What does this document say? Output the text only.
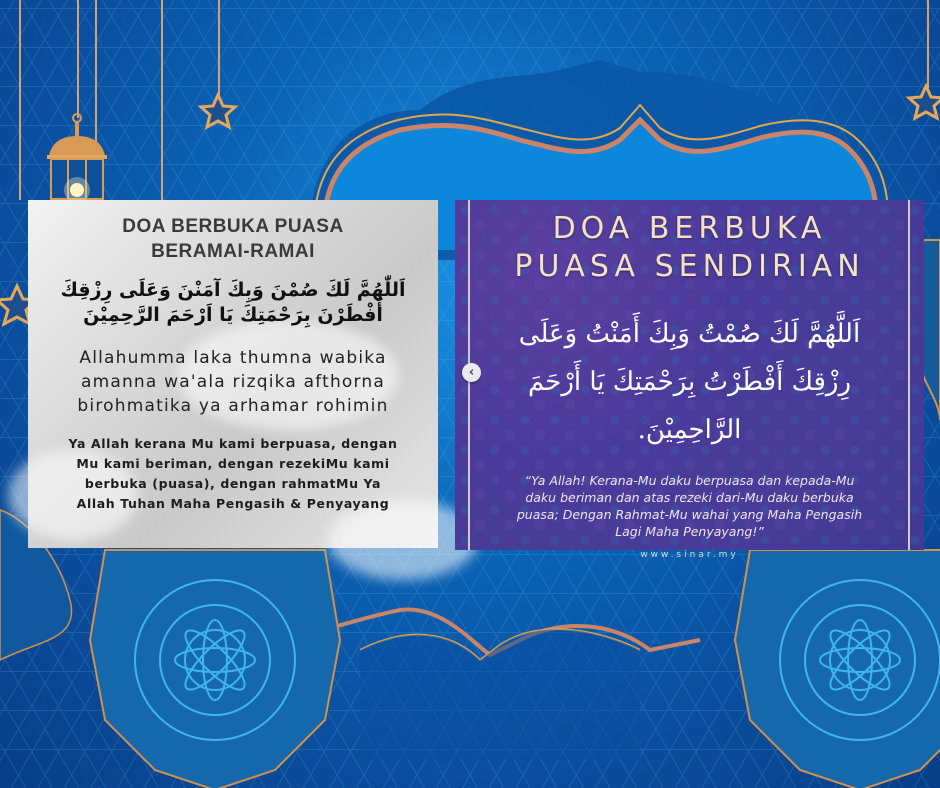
DOA BERBUKA PUASA
BERAMAI-RAMAI
اَللّٰهُمَّ لَكَ صُمْنَ وَبِكَ آمَنْنَ وَعَلَى رِزْقِكَ
أَفْطَرْنَ بِرَحْمَتِكَ يَا اَرْحَمَ الرَّحِمِيْنَ
Allahumma laka thumna wabika
amanna wa'ala rizqika afthorna
birohmatika ya arhamar rohimin
Ya Allah kerana Mu kami berpuasa, dengan
Mu kami beriman, dengan rezekiMu kami
berbuka (puasa), dengan rahmatMu Ya
Allah Tuhan Maha Pengasih & Penyayang
DOA BERBUKA
PUASA SENDIRIAN
اَللَّهُمَّ لَكَ صُمْتُ وَبِكَ أَمَنْتُ وَعَلَى
رِزْقِكَ أَفْطَرْتُ بِرَحْمَتِكَ يَا أَرْحَمَ الرَّاحِمِيْنَ.
“Ya Allah! Kerana-Mu daku berpuasa dan kepada-Mu
daku beriman dan atas rezeki dari-Mu daku berbuka
puasa; Dengan Rahmat-Mu wahai yang Maha Pengasih
Lagi Maha Penyayang!”
www.sinar.my
‹
